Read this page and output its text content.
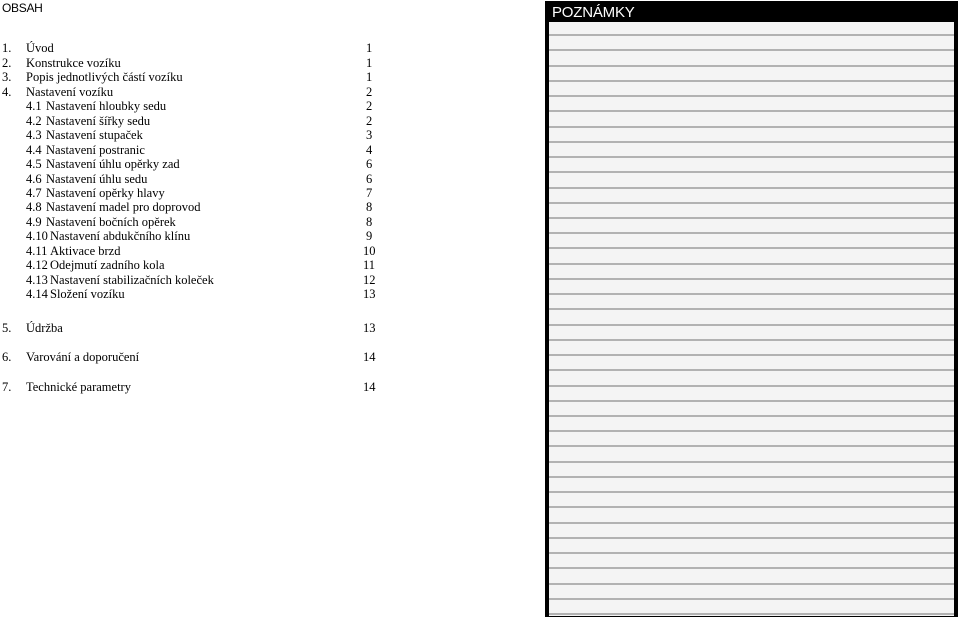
OBSAH
1. Úvod	1
2. Konstrukce vozíku	1
3. Popis jednotlivých částí vozíku	1
4. Nastavení vozíku	2
4.1 Nastavení hloubky sedu	2
4.2 Nastavení šířky sedu	2
4.3 Nastavení stupaček	3
4.4 Nastavení postranic	4
4.5 Nastavení úhlu opěrky zad	6
4.6 Nastavení úhlu sedu	6
4.7 Nastavení opěrky hlavy	7
4.8 Nastavení madel pro doprovod	8
4.9 Nastavení bočních opěrek	8
4.10 Nastavení abdukčního klínu	9
4.11 Aktivace brzd	10
4.12 Odejmutí zadního kola	11
4.13 Nastavení stabilizačních koleček	12
4.14 Složení vozíku	13
5. Údržba	13
6. Varování a doporučení	14
7. Technické parametry	14
POZNÁMKY
